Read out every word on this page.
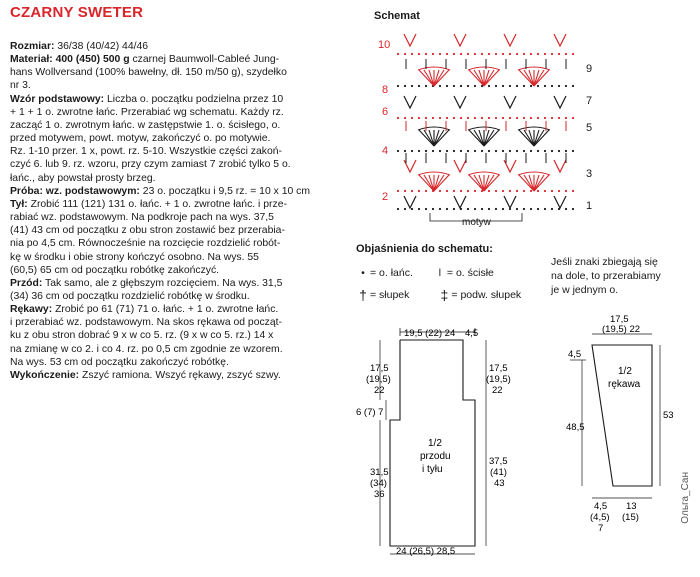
CZARNY SWETER

Rozmiar: 36/38 (40/42) 44/46

Materiał: 400 (450) 500 g czarnej Baumwoll-Cableé Jung-

hans Wollversand (100% bawełny, dł. 150 m/50 g), szydełko

nr 3.

Wzór podstawowy: Liczba o. początku podzielna przez 10

+ 1 + 1 o. zwrotne łańc. Przerabiać wg schematu. Każdy rz.

zacząć 1 o. zwrotnym łańc. w zastępstwie 1. o. ścisłego, o.

przed motywem, powt. motyw, zakończyć o. po motywie.

Rz. 1-10 przer. 1 x, powt. rz. 5-10. Wszystkie części zakoń-

czyć 6. lub 9. rz. wzoru, przy czym zamiast 7 zrobić tylko 5 o.

łańc., aby powstał prosty brzeg.

Próba: wz. podstawowym: 23 o. początku i 9,5 rz. = 10 x 10 cm

Tył: Zrobić 111 (121) 131 o. łańc. + 1 o. zwrotne łańc. i prze-

rabiać wz. podstawowym. Na podkroje pach na wys. 37,5

(41) 43 cm od początku z obu stron zostawić bez przerabia-

nia po 4,5 cm. Równocześnie na rozcięcie rozdzielić robót-

kę w środku i obie strony kończyć osobno. Na wys. 55

(60,5) 65 cm od początku robótkę zakończyć.

Przód: Tak samo, ale z głębszym rozcięciem. Na wys. 31,5

(34) 36 cm od początku rozdzielić robótkę w środku.

Rękawy: Zrobić po 61 (71) 71 o. łańc. + 1 o. zwrotne łańc.

i przerabiać wz. podstawowym. Na skos rękawa od począt-

ku z obu stron dobrać 9 x w co 5. rz. (9 x w co 5. rz.) 14 x

na zmianę w co 2. i co 4. rz. po 0,5 cm zgodnie ze wzorem.

Na wys. 53 cm od początku zakończyć robótkę.

Wykończenie: Zszyć ramiona. Wszyć rękawy, zszyć szwy.

Schemat
10
8
6
4
2
9
7
5
3
1
motyw
Objaśnienia do schematu:
• = o. łańc.	ǀ = o. ścisłe
† = słupek ‡ = podw. słupek
Jeśli znaki zbiegają się
na dole, to przerabiamy
je w jednym o.
19,5 (22) 24 4,5
17,5
(19,5)
22
17,5
(19,5)
22
6 (7) 7
1/2
przodu
i tyłu
31,5
(34)
36
37,5
(41)
43
24 (26,5) 28,5
17,5
(19,5) 22
4,5
1/2
rękawa
48,5
53
4,5
(4,5)
7
13
(15)	Ольга_Сан
